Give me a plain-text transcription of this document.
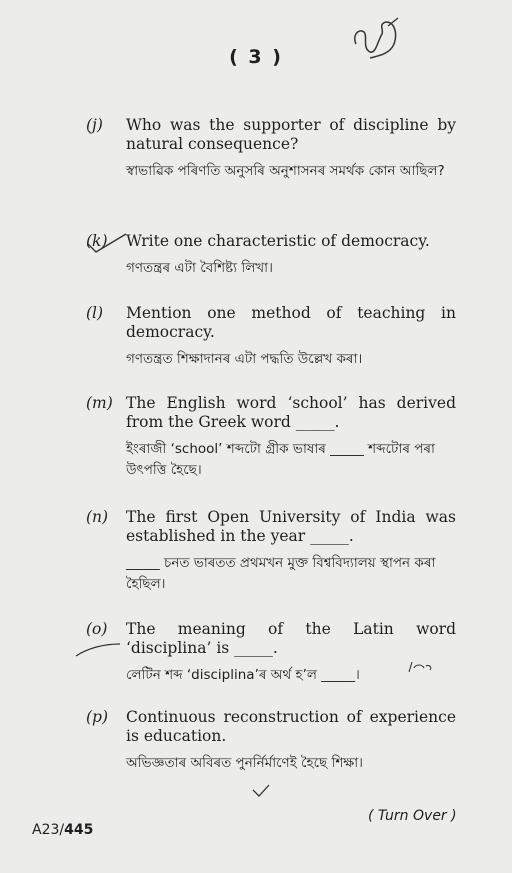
( 3 )
(j) Who was the supporter of discipline by natural consequence?
স্বাভাৱিক পৰিণতি অনুসৰি অনুশাসনৰ সমৰ্থক কোন আছিল?
(k) Write one characteristic of democracy.
গণতন্ত্ৰৰ এটা বৈশিষ্ট্য লিখা।
(l) Mention one method of teaching in democracy.
গণতন্ত্ৰত শিক্ষাদানৰ এটা পদ্ধতি উল্লেখ কৰা।
(m) The English word ‘school’ has derived from the Greek word _____.
ইংৰাজী ‘school’ শব্দটো গ্ৰীক ভাষাৰ _____ শব্দটোৰ পৰা উৎপত্তি হৈছে।
(n) The first Open University of India was established in the year _____.
_____ চনত ভাৰতত প্ৰথমখন মুক্ত বিশ্ববিদ্যালয় স্থাপন কৰা হৈছিল।
(o) The meaning of the Latin word ‘disciplina’ is _____.
লেটিন শব্দ ‘disciplina’ৰ অৰ্থ হ’ল _____।
(p) Continuous reconstruction of experience is education.
অভিজ্ঞতাৰ অবিৰত পুনৰ্নিৰ্মাণেই হৈছে শিক্ষা।
A23/445
( Turn Over )
